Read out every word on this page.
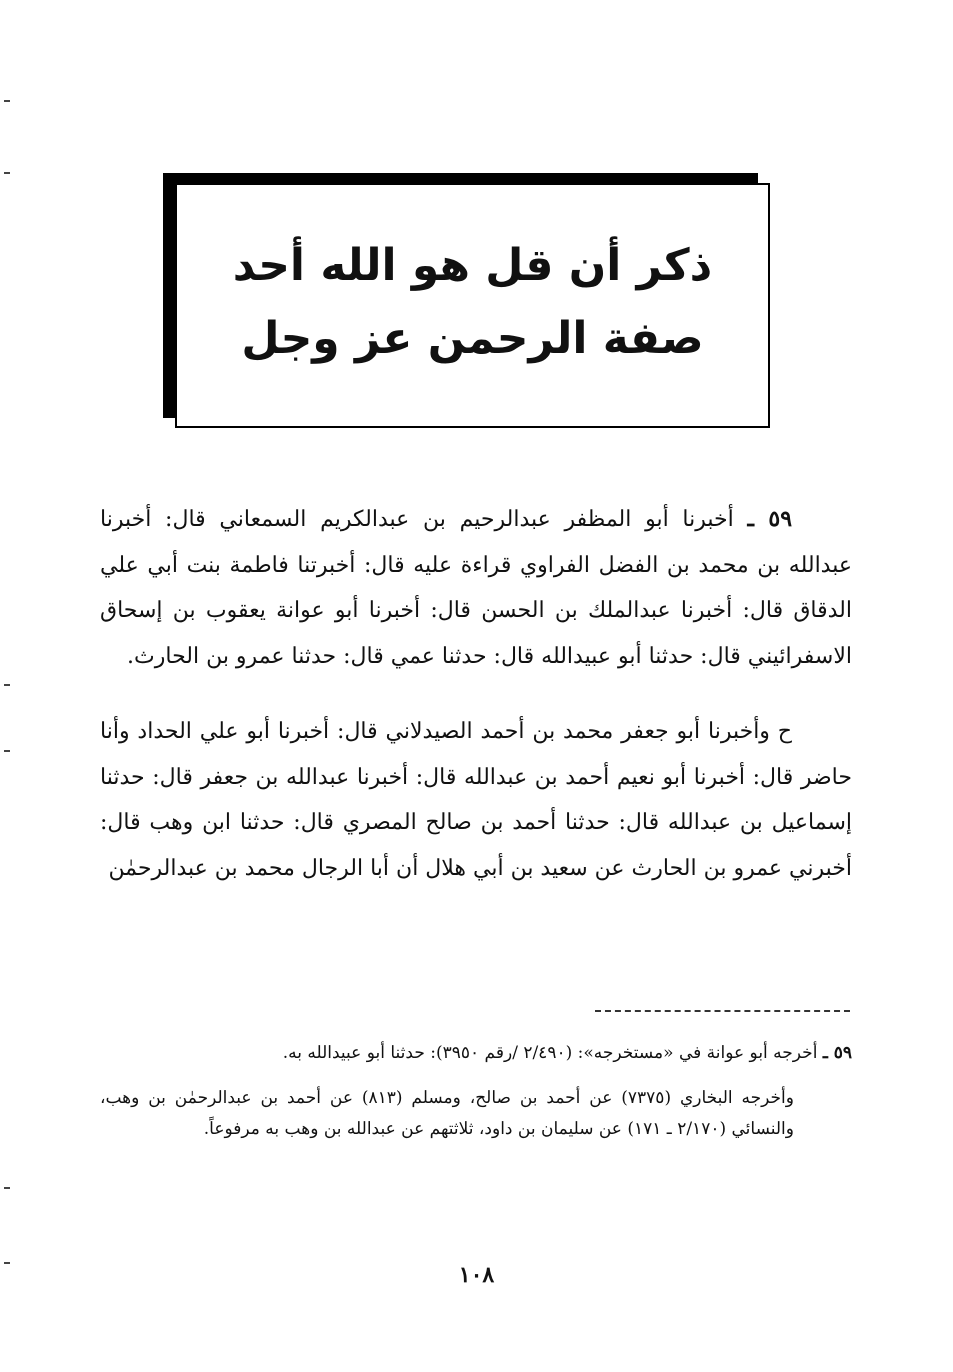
ذكر أن قل هو الله أحد
صفة الرحمن عز وجل

٥٩ ـ أخبرنا أبو المظفر عبدالرحيم بن عبدالكريم السمعاني قال: أخبرنا عبدالله بن محمد بن الفضل الفراوي قراءة عليه قال: أخبرتنا فاطمة بنت أبي علي الدقاق قال: أخبرنا عبدالملك بن الحسن قال: أخبرنا أبو عوانة يعقوب بن إسحاق الاسفرائيني قال: حدثنا أبو عبيدالله قال: حدثنا عمي قال: حدثنا عمرو بن الحارث.

ح وأخبرنا أبو جعفر محمد بن أحمد الصيدلاني قال: أخبرنا أبو علي الحداد وأنا حاضر قال: أخبرنا أبو نعيم أحمد بن عبدالله قال: أخبرنا عبدالله بن جعفر قال: حدثنا إسماعيل بن عبدالله قال: حدثنا أحمد بن صالح المصري قال: حدثنا ابن وهب قال: أخبرني عمرو بن الحارث عن سعيد بن أبي هلال أن أبا الرجال محمد بن عبدالرحمٰن

٥٩ ـ أخرجه أبو عوانة في «مستخرجه»: (٢/٤٩٠ /رقم ٣٩٥٠): حدثنا أبو عبيدالله به.

وأخرجه البخاري (٧٣٧٥) عن أحمد بن صالح، ومسلم (٨١٣) عن أحمد بن عبدالرحمٰن بن وهب، والنسائي (٢/١٧٠ ـ ١٧١) عن سليمان بن داود، ثلاثتهم عن عبدالله بن وهب به مرفوعاً.

١٠٨
